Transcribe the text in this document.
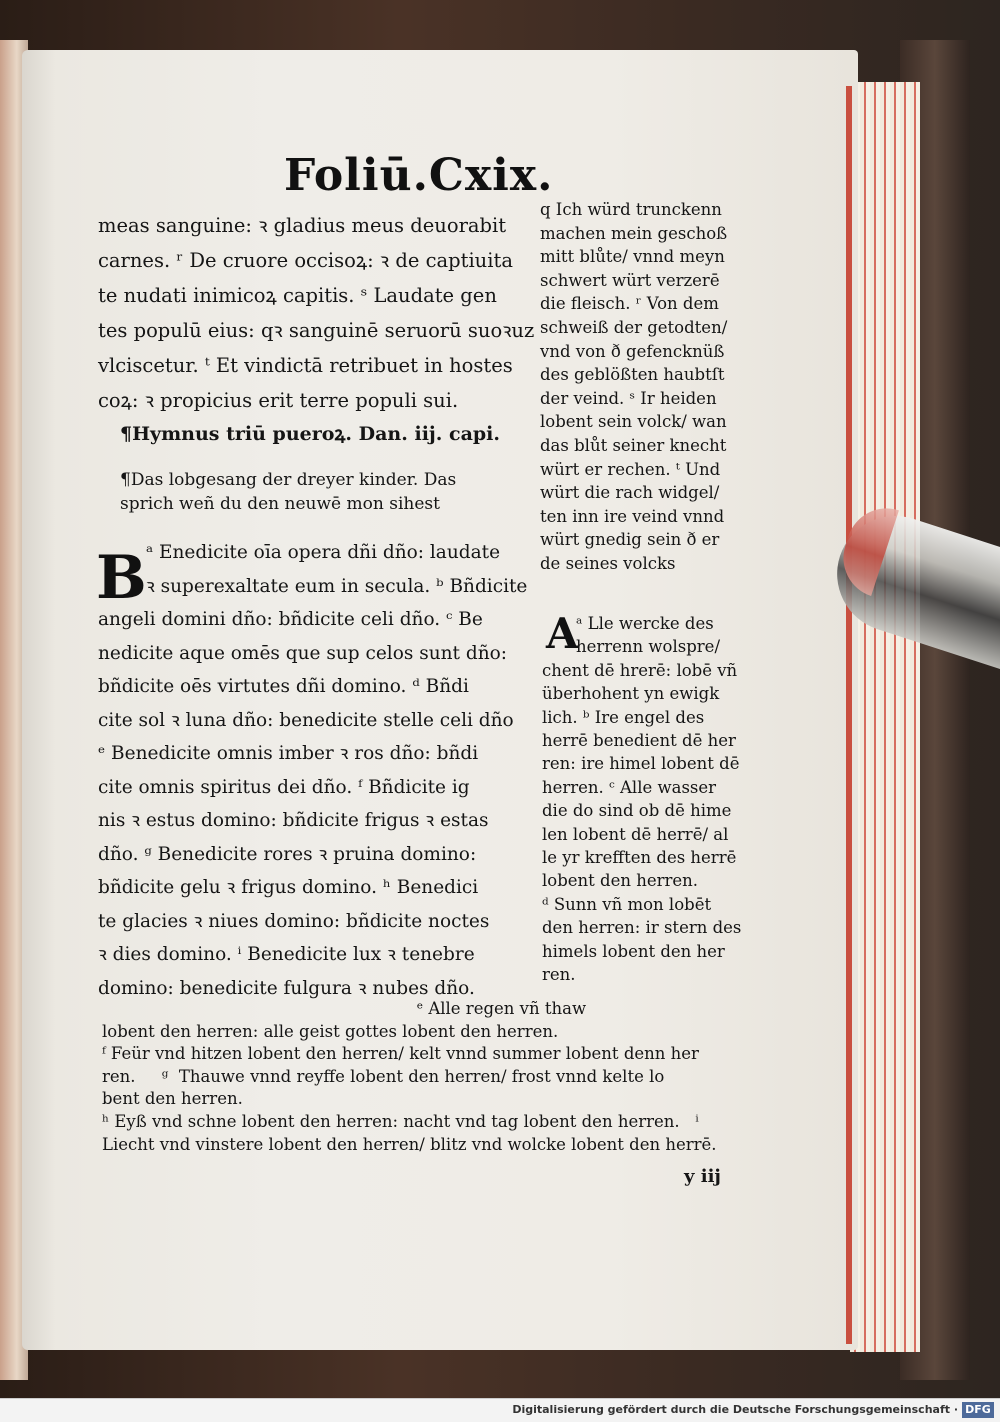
Foliū.Cxix.
meas sanguine: ꝛ gladius meus deuorabit
carnes. ʳ De cruore occisoꝝ: ꝛ de captiuita
te nudati inimicoꝝ capitis. ˢ Laudate gen
tes populū eius: qꝛ sanguinē seruorū suoꝛuz
vlciscetur. ᵗ Et vindictā retribuet in hostes
coꝝ: ꝛ propicius erit terre populi sui.
¶Hymnus triū pueroꝝ. Dan. iij. capi.
¶Das lobgesang der dreyer kinder. Das
sprich weñ du den neuwē mon sihest
B ᵃ Enedicite oīa opera dñi dño: laudate
ꝛ superexaltate eum in secula. ᵇ Bñdicite
angeli domini dño: bñdicite celi dño. ᶜ Be
nedicite aque omēs que sup celos sunt dño:
bñdicite oēs virtutes dñi domino. ᵈ Bñdi
cite sol ꝛ luna dño: benedicite stelle celi dño
ᵉ Benedicite omnis imber ꝛ ros dño: bñdi
cite omnis spiritus dei dño. ᶠ Bñdicite ig
nis ꝛ estus domino: bñdicite frigus ꝛ estas
dño. ᵍ Benedicite rores ꝛ pruina domino:
bñdicite gelu ꝛ frigus domino. ʰ Benedici
te glacies ꝛ niues domino: bñdicite noctes
ꝛ dies domino. ⁱ Benedicite lux ꝛ tenebre
domino: benedicite fulgura ꝛ nubes dño.
q Ich würd trunckenn
machen mein geschoß
mitt blůte/ vnnd meyn
schwert würt verzerē
die fleisch. ʳ Von dem
schweiß der getodten/
vnd von ð gefencknüß
des geblößten haubtſt
der veind. ˢ Ir heiden
lobent sein volck/ wan
das blůt seiner knecht
würt er rechen. ᵗ Und
würt die rach widgel/
ten inn ire veind vnnd
würt gnedig sein ð er
de seines volcks
A
ᵃ Lle wercke des
herrenn wolspre/
chent dē hrerē: lobē vñ
überhohent yn ewigk
lich. ᵇ Ire engel des
herrē benedient dē her
ren: ire himel lobent dē
herren. ᶜ Alle wasser
die do sind ob dē hime
len lobent dē herrē/ al
le yr krefften des herrē
lobent den herren.
ᵈ Sunn vñ mon lobēt
den herren: ir stern des
himels lobent den her
ren.
ᵉ Alle regen vñ thaw
lobent den herren: alle geist gottes lobent den herren.
ᶠ Feür vnd hitzen lobent den herren/ kelt vnnd summer lobent denn her
ren.     ᵍ  Thauwe vnnd reyffe lobent den herren/ frost vnnd kelte lo
bent den herren.
ʰ Eyß vnd schne lobent den herren: nacht vnd tag lobent den herren.   ⁱ
Liecht vnd vinstere lobent den herren/ blitz vnd wolcke lobent den herrē.
y iij
Digitalisierung gefördert durch die Deutsche Forschungsgemeinschaft · DFG
